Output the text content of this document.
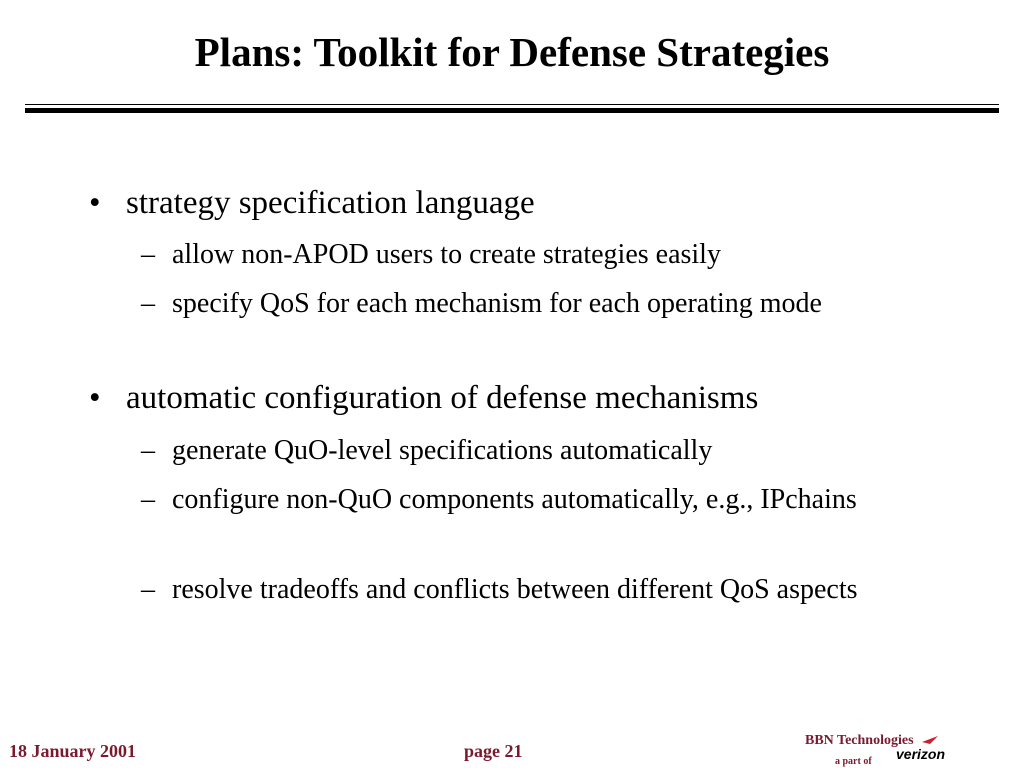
Plans: Toolkit for Defense Strategies
• strategy specification language
– allow non-APOD users to create strategies easily
– specify QoS for each mechanism for each operating mode
• automatic configuration of defense mechanisms
– generate QuO-level specifications automatically
– configure non-QuO components automatically, e.g., IPchains
– resolve tradeoffs and conflicts between different QoS aspects
18 January 2001	page 21
BBN Technologies
a part of verizon
